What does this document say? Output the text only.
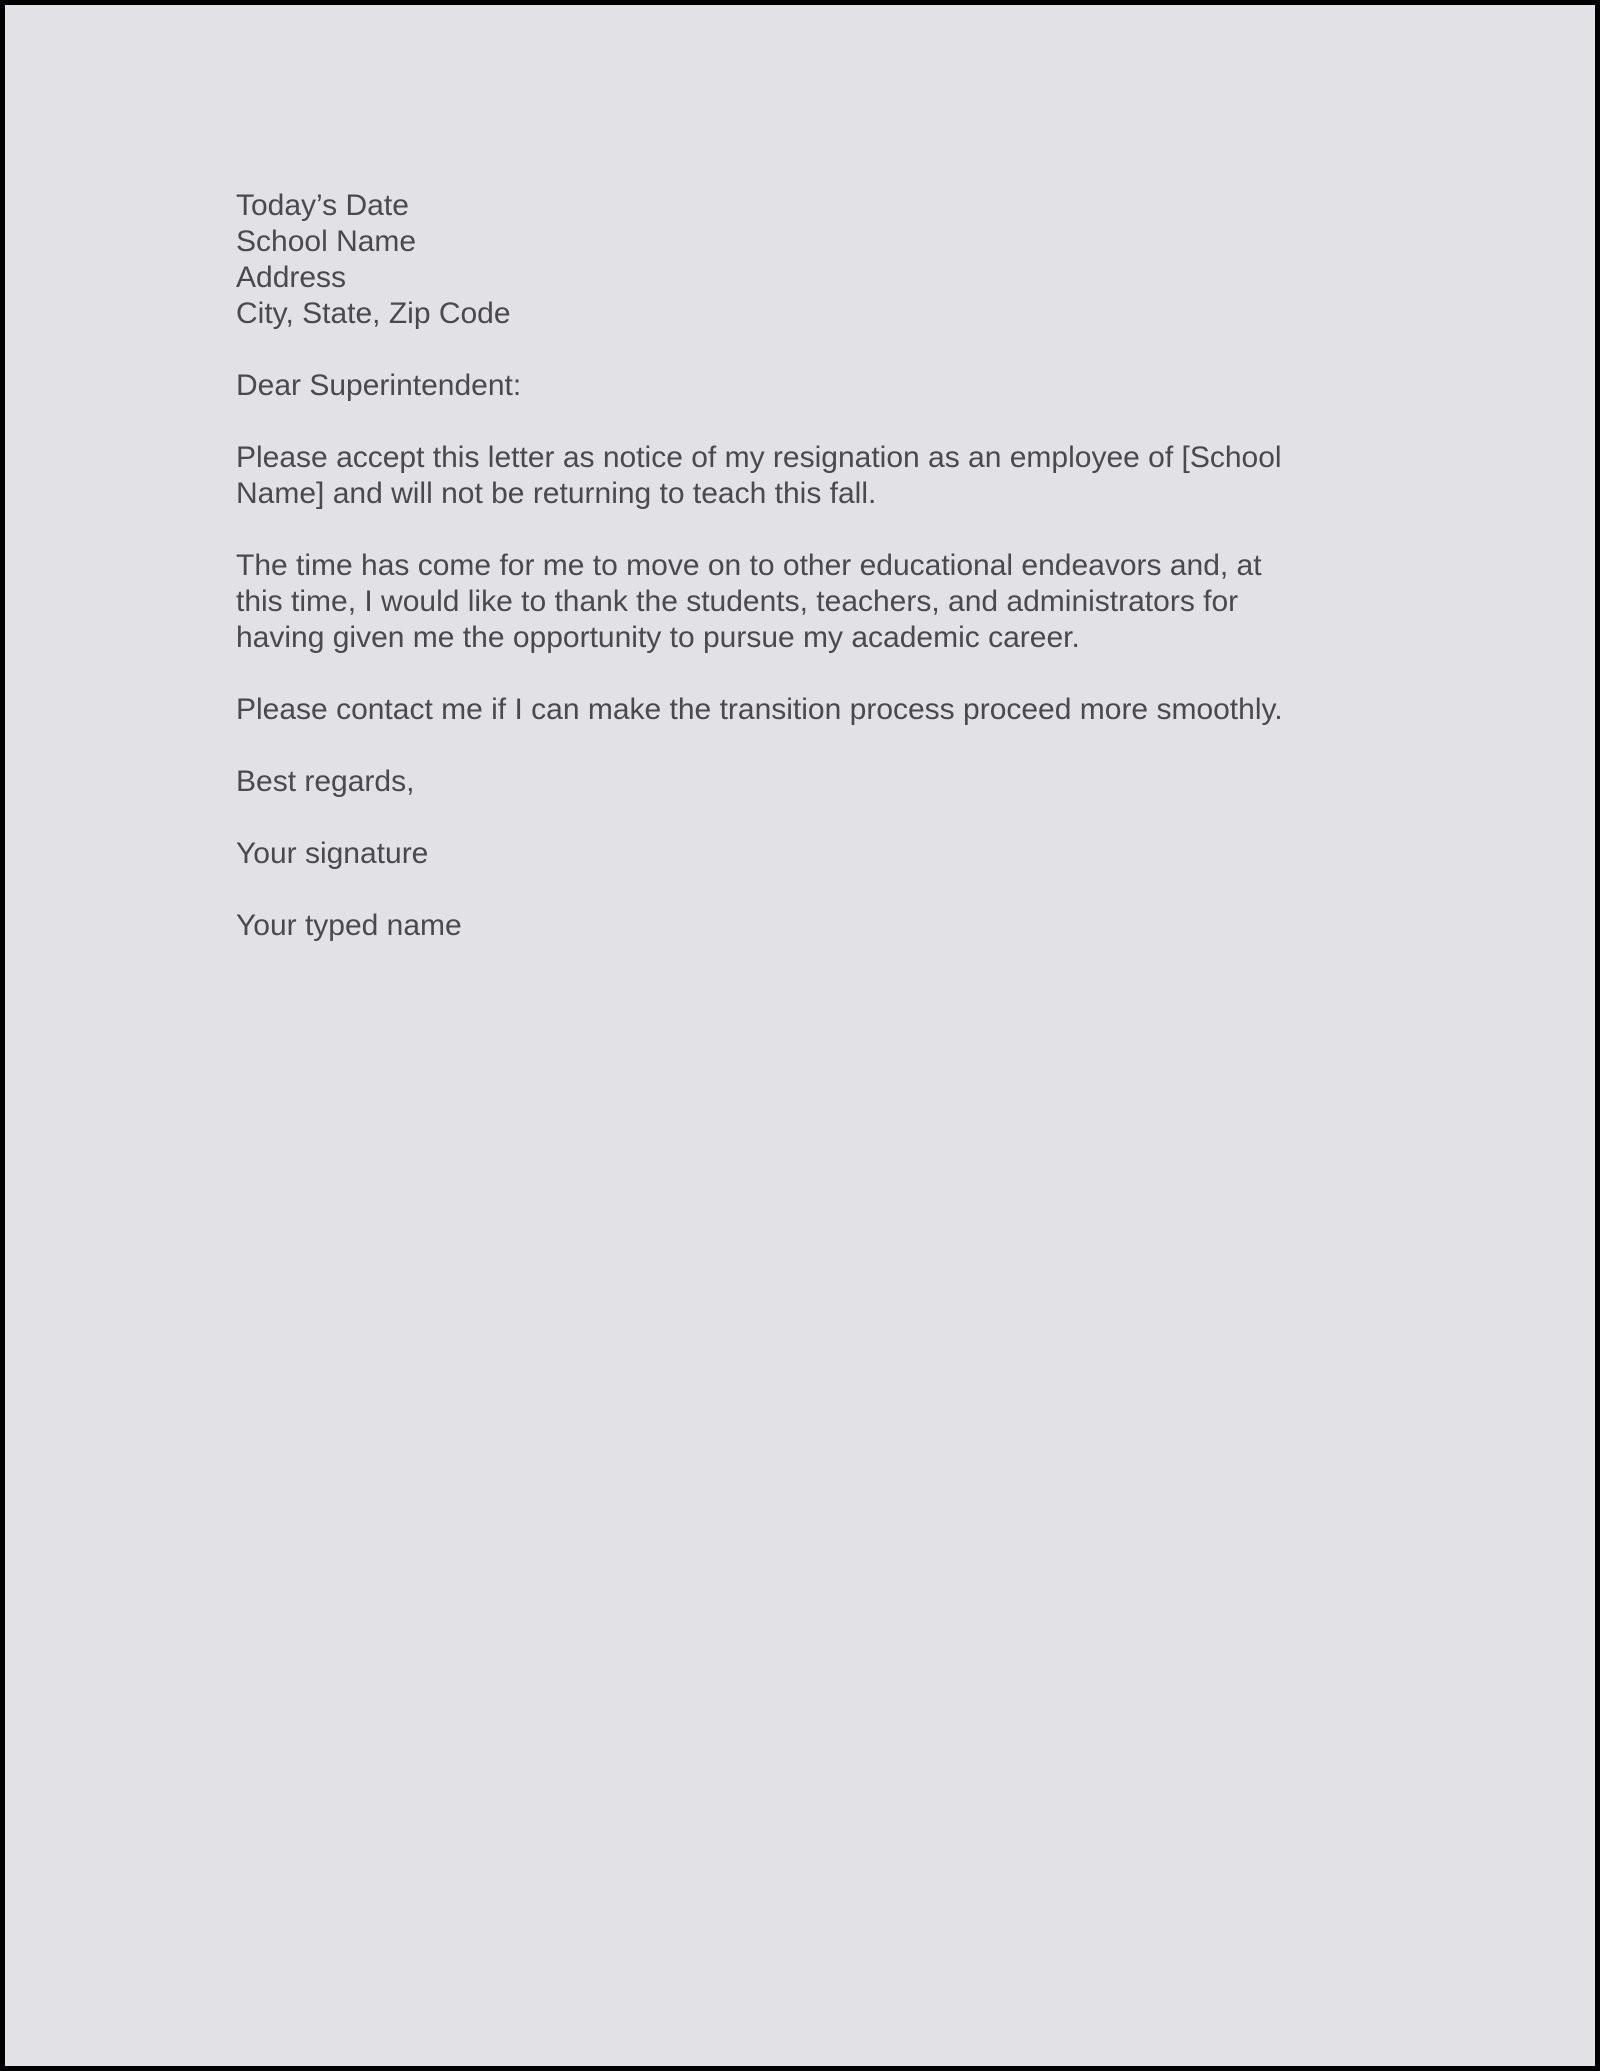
Today’s Date
School Name
Address
City, State, Zip Code
Dear Superintendent:
Please accept this letter as notice of my resignation as an employee of [School
Name] and will not be returning to teach this fall.
The time has come for me to move on to other educational endeavors and, at
this time, I would like to thank the students, teachers, and administrators for
having given me the opportunity to pursue my academic career.
Please contact me if I can make the transition process proceed more smoothly.
Best regards,
Your signature
Your typed name
